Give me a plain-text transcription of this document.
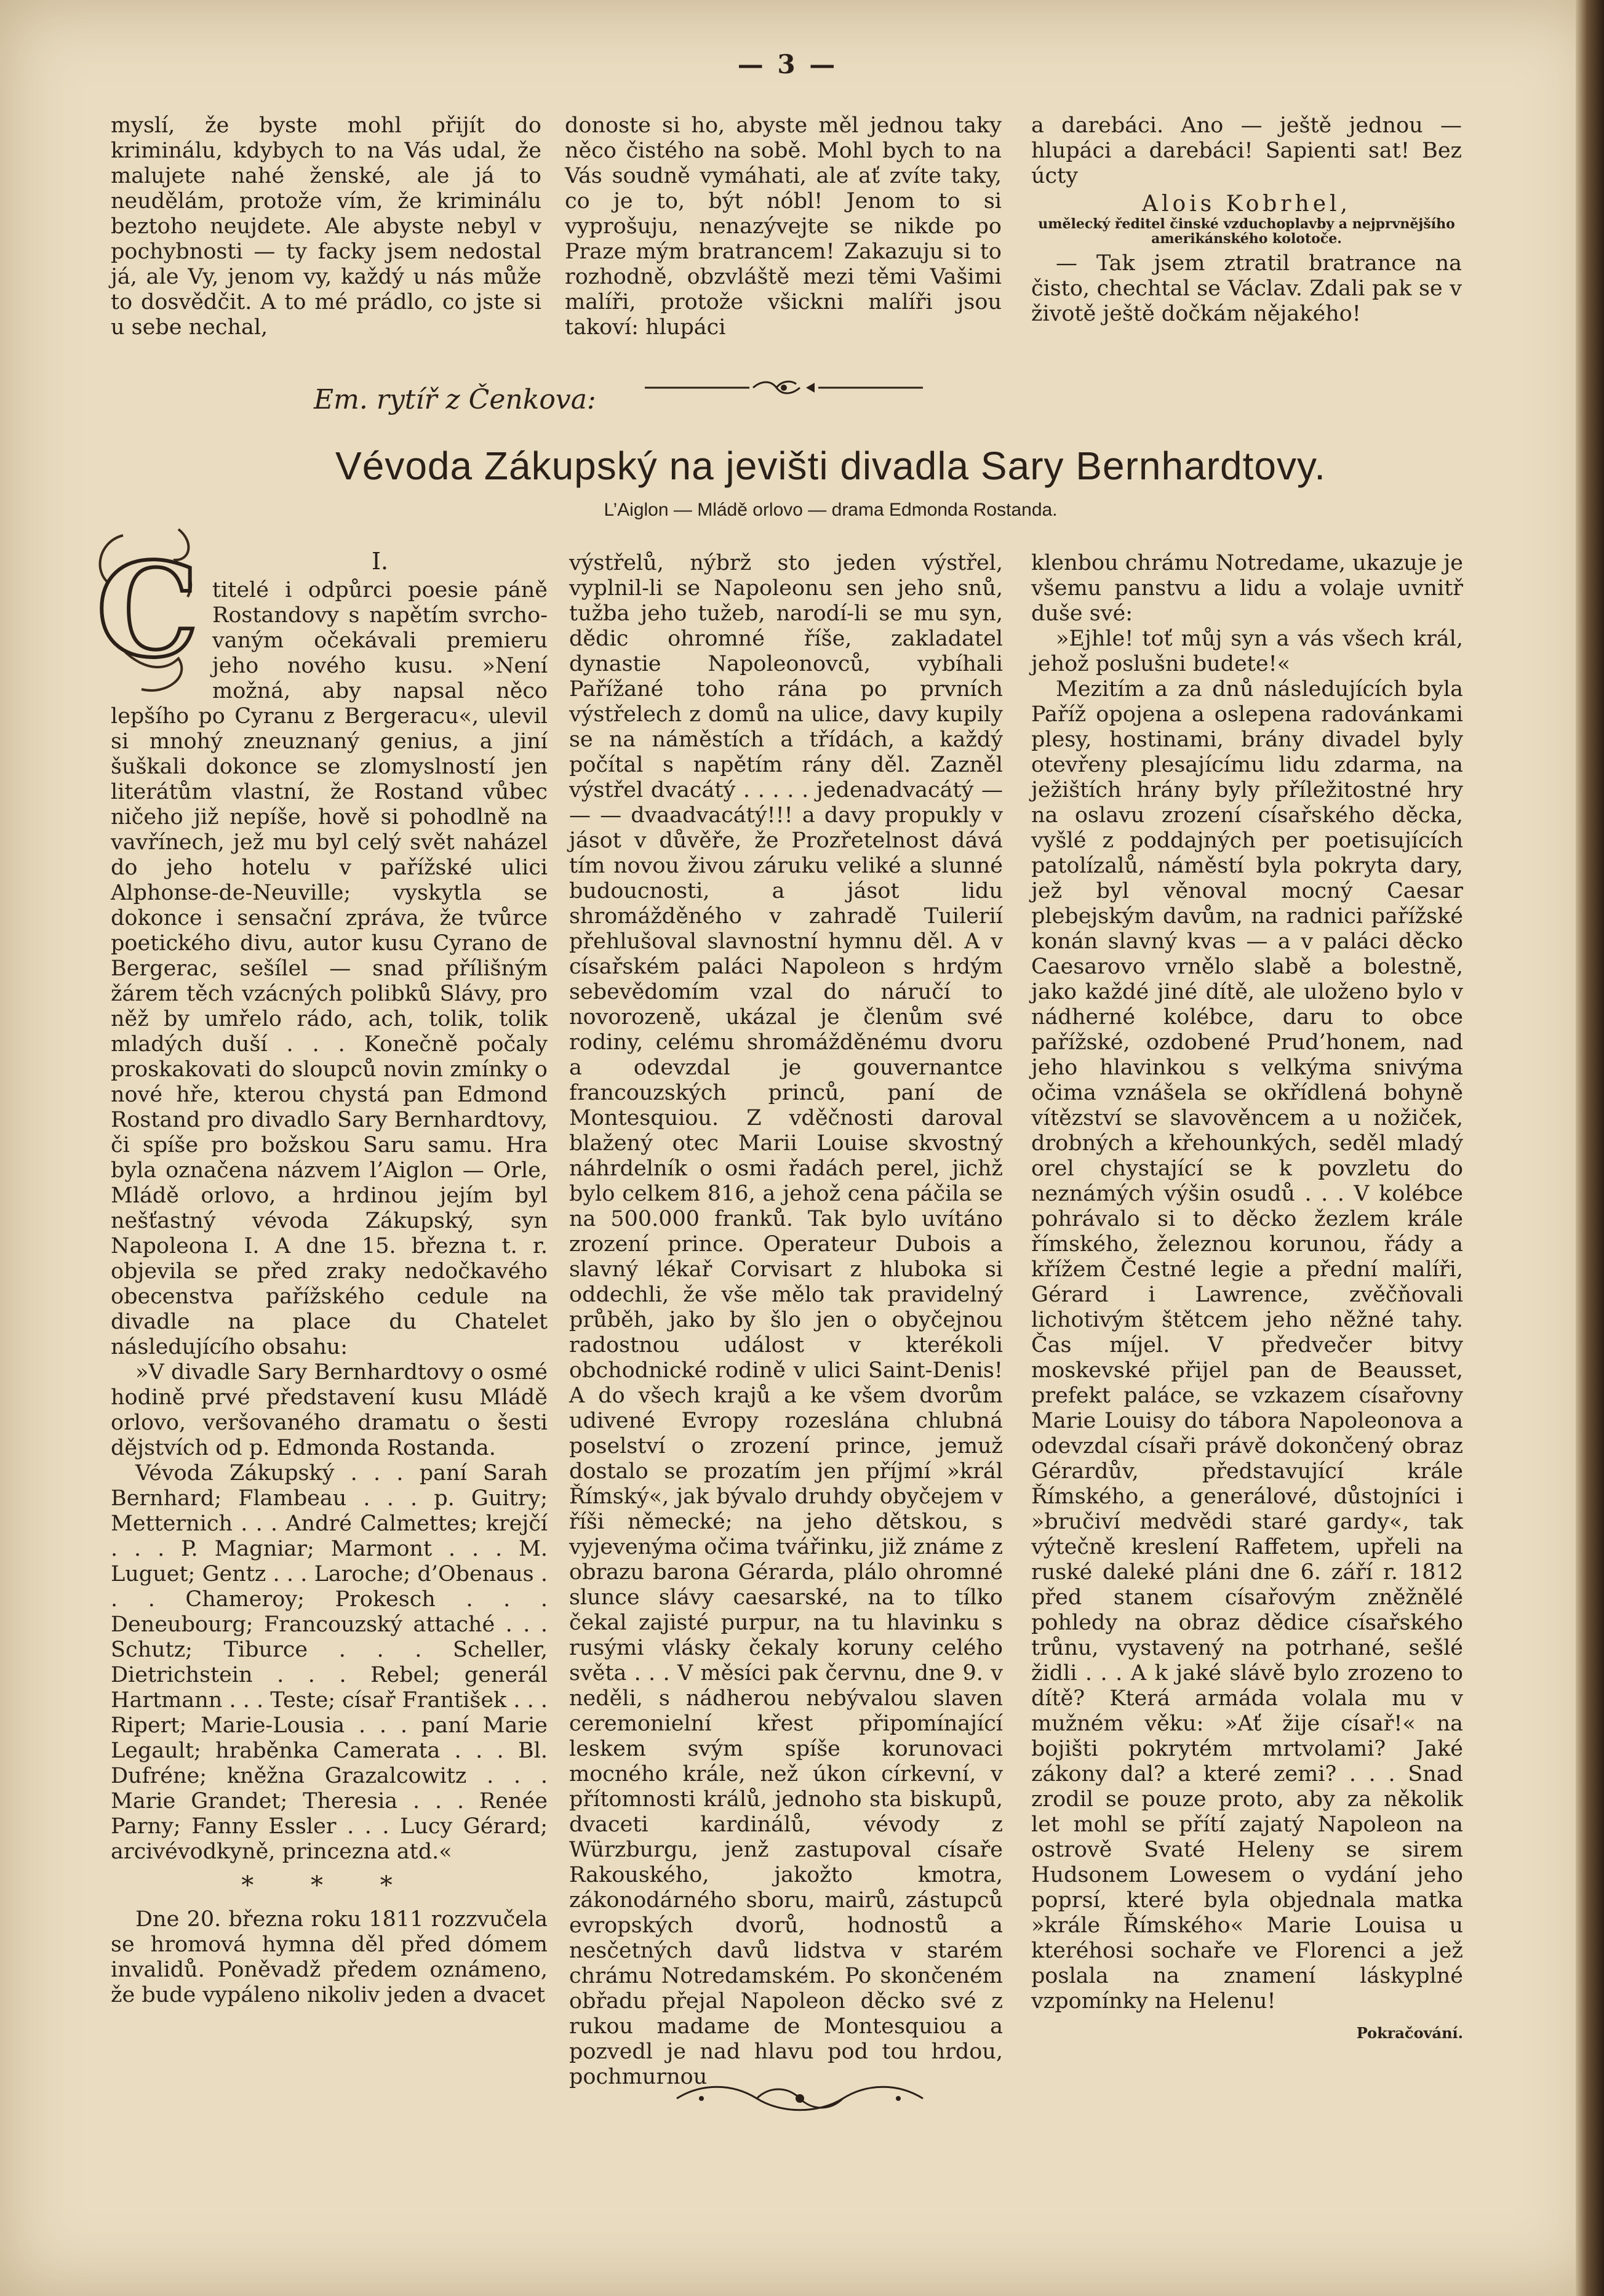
— 3 —

myslí, že byste mohl přijít do kriminálu, kdybych to na Vás udal, že malujete nahé ženské, ale já to neudělám, protože vím, že kriminálu beztoho neujdete. Ale abyste nebyl v pochybnosti — ty facky jsem nedostal já, ale Vy, jenom vy, každý u nás může to dosvědčit. A to mé prádlo, co jste si u sebe nechal,

donoste si ho, abyste měl jednou taky něco čistého na sobě. Mohl bych to na Vás soudně vymáhati, ale ať zvíte taky, co je to, být nóbl! Jenom to si vyprošuju, nenazývejte se nikde po Praze mým bratrancem! Zakazuju si to rozhodně, obzvláště mezi těmi Vašimi malíři, protože všickni malíři jsou takoví: hlupáci

a darebáci. Ano — ještě jednou — hlupáci a darebáci! Sapienti sat! Bez úcty

Alois Kobrhel,
umělecký ředitel činské vzduchoplavby a nejprvnějšího amerikánského kolotoče.

— Tak jsem ztratil bratrance na čisto, chechtal se Václav. Zdali pak se v životě ještě dočkám nějakého!

Em. rytíř z Čenkova:
Vévoda Zákupský na jevišti divadla Sary Bernhardtovy.
L’Aiglon — Mládě orlovo — drama Edmonda Rostanda.
C	I.

titelé i odpůrci poesie páně Rostandovy s napětím svrchovaným očekávali premieru jeho nového kusu. »Není možná, aby napsal něco lepšího po Cyranu z Bergeracu«, ulevil si mnohý zneuznaný genius, a jiní šuškali dokonce se zlomyslností jen literátům vlastní, že Rostand vůbec ničeho již nepíše, hově si pohodlně na vavřínech, jež mu byl celý svět naházel do jeho hotelu v pařížské ulici Alphonse-de-Neuville; vyskytla se dokonce i sensační zpráva, že tvůrce poetického divu, autor kusu Cyrano de Bergerac, sešílel — snad přílišným žárem těch vzácných polibků Slávy, pro něž by umřelo rádo, ach, tolik, tolik mladých duší . . . Konečně počaly proskakovati do sloupců novin zmínky o nové hře, kterou chystá pan Edmond Rostand pro divadlo Sary Bernhardtovy, či spíše pro božskou Saru samu. Hra byla označena názvem l’Aiglon — Orle, Mládě orlovo, a hrdinou jejím byl nešťastný vévoda Zákupský, syn Napoleona I. A dne 15. března t. r. objevila se před zraky nedočkavého obecenstva pařížského cedule na divadle na place du Chatelet následujícího obsahu:

»V divadle Sary Bernhardtovy o osmé hodině prvé představení kusu Mládě orlovo, veršovaného dramatu o šesti dějstvích od p. Edmonda Rostanda.

Vévoda Zákupský . . . paní Sarah Bernhard; Flambeau . . . p. Guitry; Metternich . . . André Calmettes; krejčí . . . P. Magniar; Marmont . . . M. Luguet; Gentz . . . Laroche; d’Obenaus . . . Chameroy; Prokesch . . . Deneubourg; Francouzský attaché . . . Schutz; Tiburce . . . Scheller, Dietrichstein . . . Rebel; generál Hartmann . . . Teste; císař František . . . Ripert; Marie-Lousia . . . paní Marie Legault; hraběnka Camerata . . . Bl. Dufréne; kněžna Grazalcowitz . . . Marie Grandet; Theresia . . . Renée Parny; Fanny Essler . . . Lucy Gérard; arcivévodkyně, princezna atd.«

* * *

Dne 20. března roku 1811 rozzvučela se hromová hymna děl před dómem invalidů. Poněvadž předem oznámeno, že bude vypáleno nikoliv jeden a dvacet

výstřelů, nýbrž sto jeden výstřel, vyplnil-li se Napoleonu sen jeho snů, tužba jeho tužeb, narodí-li se mu syn, dědic ohromné říše, zakladatel dynastie Napoleonovců, vybíhali Pařížané toho rána po prvních výstřelech z domů na ulice, davy kupily se na náměstích a třídách, a každý počítal s napětím rány děl. Zazněl výstřel dvacátý . . . . . jedenadvacátý — — — dvaadvacátý!!! a davy propukly v jásot v důvěře, že Prozřetelnost dává tím novou živou záruku veliké a slunné budoucnosti, a jásot lidu shromážděného v zahradě Tuilerií přehlušoval slavnostní hymnu děl. A v císařském paláci Napoleon s hrdým sebevědomím vzal do náručí to novorozeně, ukázal je členům své rodiny, celému shromážděnému dvoru a odevzdal je gouvernantce francouzských princů, paní de Montesquiou. Z vděčnosti daroval blažený otec Marii Louise skvostný náhrdelník o osmi řadách perel, jichž bylo celkem 816, a jehož cena páčila se na 500.000 franků. Tak bylo uvítáno zrození prince. Operateur Dubois a slavný lékař Corvisart z hluboka si oddechli, že vše mělo tak pravidelný průběh, jako by šlo jen o obyčejnou radostnou událost v kterékoli obchodnické rodině v ulici Saint-Denis! A do všech krajů a ke všem dvorům udivené Evropy rozeslána chlubná poselství o zrození prince, jemuž dostalo se prozatím jen příjmí »král Římský«, jak bývalo druhdy obyčejem v říši německé; na jeho dětskou, s vyjevenýma očima tvářinku, již známe z obrazu barona Gérarda, plálo ohromné slunce slávy caesarské, na to tílko čekal zajisté purpur, na tu hlavinku s rusými vlásky čekaly koruny celého světa . . . V měsíci pak červnu, dne 9. v neděli, s nádherou nebývalou slaven ceremonielní křest připomínající leskem svým spíše korunovaci mocného krále, než úkon církevní, v přítomnosti králů, jednoho sta biskupů, dvaceti kardinálů, vévody z Würzburgu, jenž zastupoval císaře Rakouského, jakožto kmotra, zákonodárného sboru, mairů, zástupců evropských dvorů, hodnostů a nesčetných davů lidstva v starém chrámu Notredamském. Po skončeném obřadu přejal Napoleon děcko své z rukou madame de Montesquiou a pozvedl je nad hlavu pod tou hrdou, pochmurnou

klenbou chrámu Notredame, ukazuje je všemu panstvu a lidu a volaje uvnitř duše své:

»Ejhle! toť můj syn a vás všech král, jehož poslušni budete!«

Mezitím a za dnů následujících byla Paříž opojena a oslepena radovánkami plesy, hostinami, brány divadel byly otevřeny plesajícímu lidu zdarma, na ježištích hrány byly příležitostné hry na oslavu zrození císařského děcka, vyšlé z poddajných per poetisujících patolízalů, náměstí byla pokryta dary, jež byl věnoval mocný Caesar plebejským davům, na radnici pařížské konán slavný kvas — a v paláci děcko Caesarovo vrnělo slabě a bolestně, jako každé jiné dítě, ale uloženo bylo v nádherné kolébce, daru to obce pařížské, ozdobené Prud’honem, nad jeho hlavinkou s velkýma snivýma očima vznášela se okřídlená bohyně vítězství se slavověncem a u nožiček, drobných a křehounkých, seděl mladý orel chystající se k povzletu do neznámých výšin osudů . . . V kolébce pohrávalo si to děcko žezlem krále římského, železnou korunou, řády a křížem Čestné legie a přední malíři, Gérard i Lawrence, zvěčňovali lichotivým štětcem jeho něžné tahy. Čas míjel. V předvečer bitvy moskevské přijel pan de Beausset, prefekt paláce, se vzkazem císařovny Marie Louisy do tábora Napoleonova a odevzdal císaři právě dokončený obraz Gérardův, představující krále Římského, a generálové, důstojníci i »bručiví medvědi staré gardy«, tak výtečně kreslení Raffetem, upřeli na ruské daleké pláni dne 6. září r. 1812 před stanem císařovým zněžnělé pohledy na obraz dědice císařského trůnu, vystavený na potrhané, sešlé židli . . . A k jaké slávě bylo zrozeno to dítě? Která armáda volala mu v mužném věku: »Ať žije císař!« na bojišti pokrytém mrtvolami? Jaké zákony dal? a které zemi? . . . Snad zrodil se pouze proto, aby za několik let mohl se přítí zajatý Napoleon na ostrově Svaté Heleny se sirem Hudsonem Lowesem o vydání jeho poprsí, které byla objednala matka »krále Římského« Marie Louisa u kteréhosi sochaře ve Florenci a jež poslala na znamení láskyplné vzpomínky na Helenu!

Pokračování.
